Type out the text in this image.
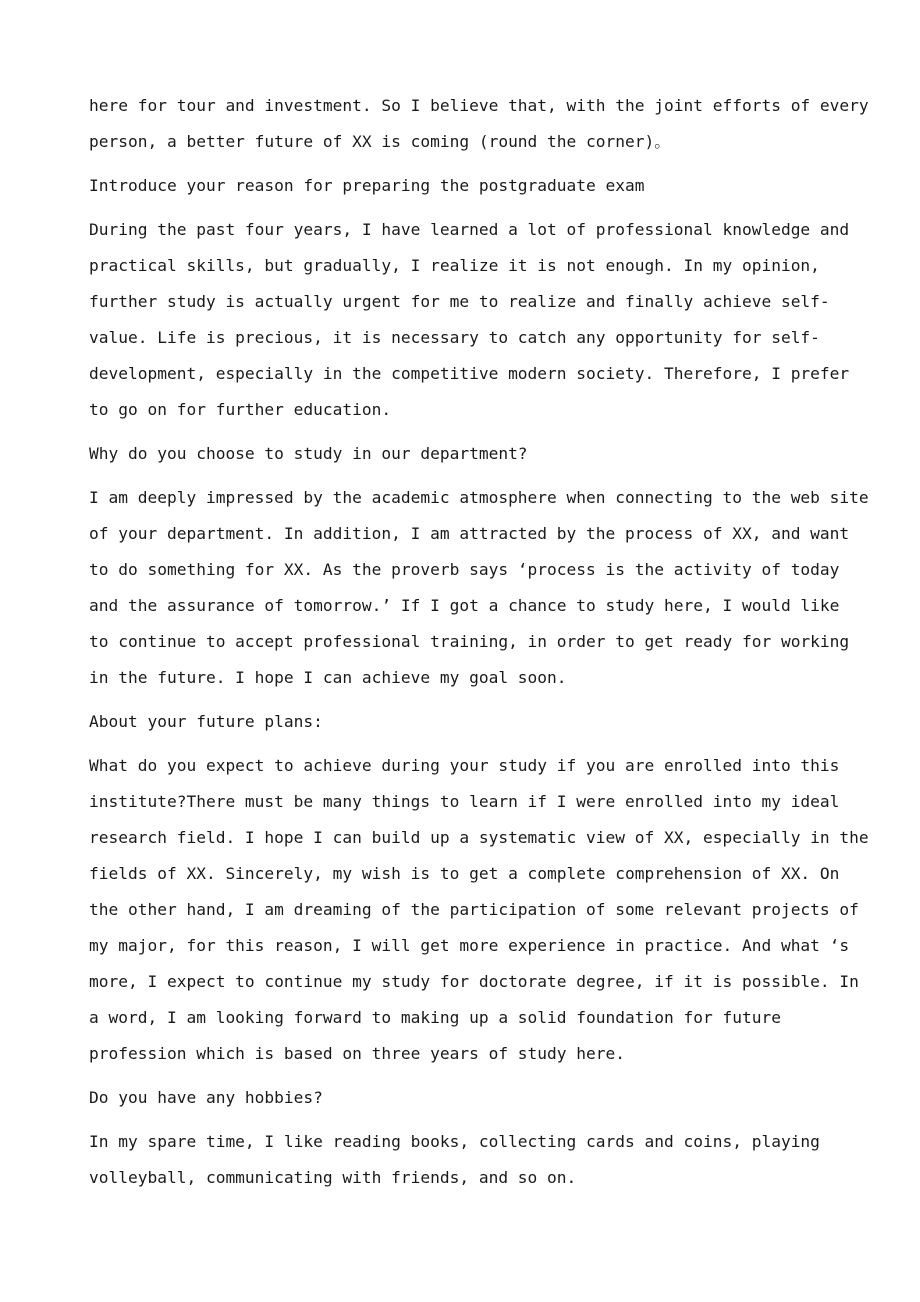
here for tour and investment. So I believe that, with the joint efforts of every
person, a better future of XX is coming (round the corner)。
Introduce your reason for preparing the postgraduate exam
During the past four years, I have learned a lot of professional knowledge and
practical skills, but gradually, I realize it is not enough. In my opinion,
further study is actually urgent for me to realize and finally achieve self-
value. Life is precious, it is necessary to catch any opportunity for self-
development, especially in the competitive modern society. Therefore, I prefer
to go on for further education.
Why do you choose to study in our department?
I am deeply impressed by the academic atmosphere when connecting to the web site
of your department. In addition, I am attracted by the process of XX, and want
to do something for XX. As the proverb says ‘process is the activity of today
and the assurance of tomorrow.’ If I got a chance to study here, I would like
to continue to accept professional training, in order to get ready for working
in the future. I hope I can achieve my goal soon.
About your future plans:
What do you expect to achieve during your study if you are enrolled into this
institute?There must be many things to learn if I were enrolled into my ideal
research field. I hope I can build up a systematic view of XX, especially in the
fields of XX. Sincerely, my wish is to get a complete comprehension of XX. On
the other hand, I am dreaming of the participation of some relevant projects of
my major, for this reason, I will get more experience in practice. And what ‘s
more, I expect to continue my study for doctorate degree, if it is possible. In
a word, I am looking forward to making up a solid foundation for future
profession which is based on three years of study here.
Do you have any hobbies?
In my spare time, I like reading books, collecting cards and coins, playing
volleyball, communicating with friends, and so on.
